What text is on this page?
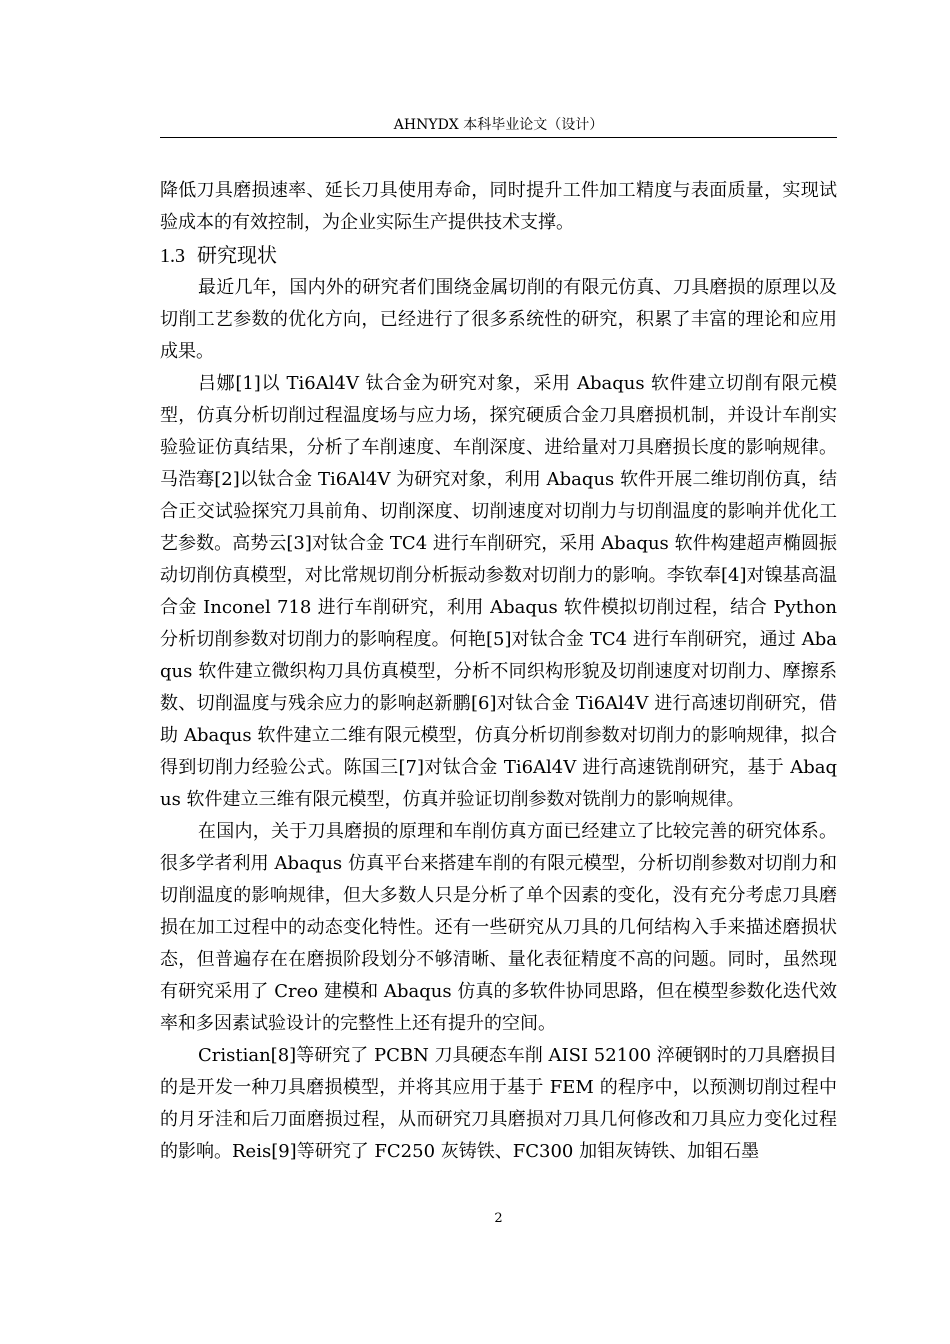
AHNYDX 本科毕业论文（设计）

降低刀具磨损速率、延长刀具使用寿命，同时提升工件加工精度与表面质量，实现试验成本的有效控制，为企业实际生产提供技术支撑。

1.3 研究现状

最近几年，国内外的研究者们围绕金属切削的有限元仿真、刀具磨损的原理以及切削工艺参数的优化方向，已经进行了很多系统性的研究，积累了丰富的理论和应用成果。

吕娜[1]以 Ti6Al4V 钛合金为研究对象，采用 Abaqus 软件建立切削有限元模型，仿真分析切削过程温度场与应力场，探究硬质合金刀具磨损机制，并设计车削实验验证仿真结果，分析了车削速度、车削深度、进给量对刀具磨损长度的影响规律。马浩骞[2]以钛合金 Ti6Al4V 为研究对象，利用 Abaqus 软件开展二维切削仿真，结合正交试验探究刀具前角、切削深度、切削速度对切削力与切削温度的影响并优化工艺参数。高势云[3]对钛合金 TC4 进行车削研究，采用 Abaqus 软件构建超声椭圆振动切削仿真模型，对比常规切削分析振动参数对切削力的影响。李钦奉[4]对镍基高温合金 Inconel 718 进行车削研究，利用 Abaqus 软件模拟切削过程，结合 Python 分析切削参数对切削力的影响程度。何艳[5]对钛合金 TC4 进行车削研究，通过 Abaqus 软件建立微织构刀具仿真模型，分析不同织构形貌及切削速度对切削力、摩擦系数、切削温度与残余应力的影响赵新鹏[6]对钛合金 Ti6Al4V 进行高速切削研究，借助 Abaqus 软件建立二维有限元模型，仿真分析切削参数对切削力的影响规律，拟合得到切削力经验公式。陈国三[7]对钛合金 Ti6Al4V 进行高速铣削研究，基于 Abaqus 软件建立三维有限元模型，仿真并验证切削参数对铣削力的影响规律。

在国内，关于刀具磨损的原理和车削仿真方面已经建立了比较完善的研究体系。很多学者利用 Abaqus 仿真平台来搭建车削的有限元模型，分析切削参数对切削力和切削温度的影响规律，但大多数人只是分析了单个因素的变化，没有充分考虑刀具磨损在加工过程中的动态变化特性。还有一些研究从刀具的几何结构入手来描述磨损状态，但普遍存在在磨损阶段划分不够清晰、量化表征精度不高的问题。同时，虽然现有研究采用了 Creo 建模和 Abaqus 仿真的多软件协同思路，但在模型参数化迭代效率和多因素试验设计的完整性上还有提升的空间。

Cristian[8]等研究了 PCBN 刀具硬态车削 AISI 52100 淬硬钢时的刀具磨损目的是开发一种刀具磨损模型，并将其应用于基于 FEM 的程序中，以预测切削过程中的月牙洼和后刀面磨损过程，从而研究刀具磨损对刀具几何修改和刀具应力变化过程的影响。Reis[9]等研究了 FC250 灰铸铁、FC300 加钼灰铸铁、加钼石墨

2
